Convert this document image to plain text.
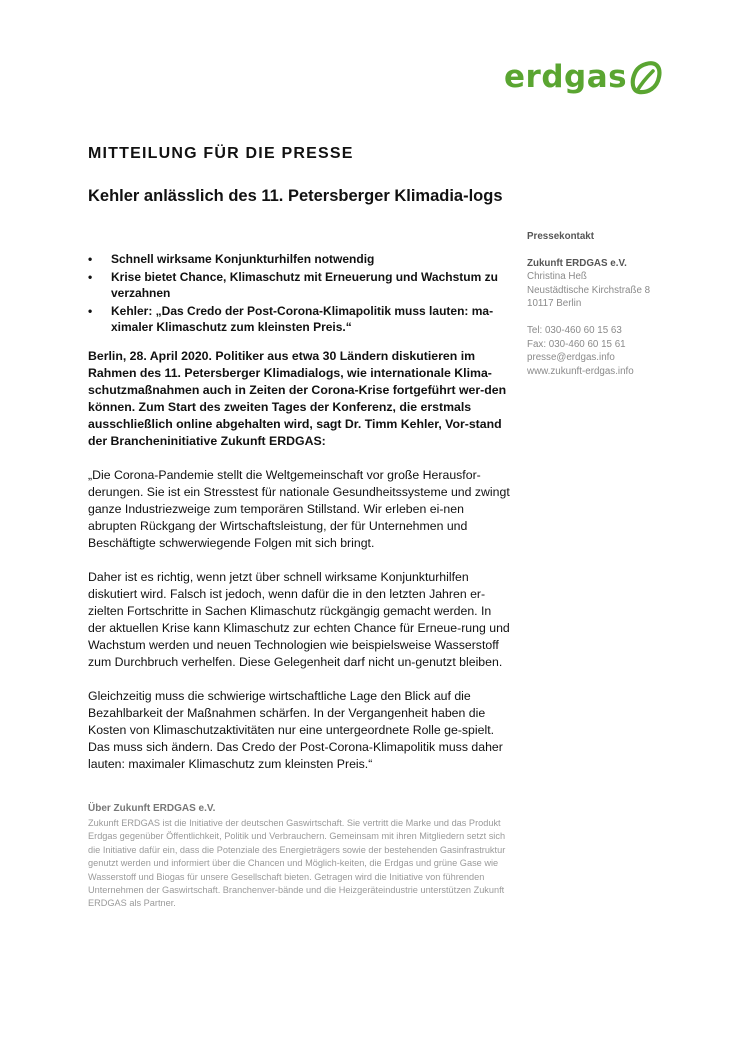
erdgas
MITTEILUNG FÜR DIE PRESSE
Kehler anlässlich des 11. Petersberger Klimadia-logs
• Schnell wirksame Konjunkturhilfen notwendig
• Krise bietet Chance, Klimaschutz mit Erneuerung und Wachstum zu verzahnen
• Kehler: „Das Credo der Post-Corona-Klimapolitik muss lauten: ma-ximaler Klimaschutz zum kleinsten Preis.“

Berlin, 28. April 2020. Politiker aus etwa 30 Ländern diskutieren im Rahmen des 11. Petersberger Klimadialogs, wie internationale Klima-schutzmaßnahmen auch in Zeiten der Corona-Krise fortgeführt wer-den können. Zum Start des zweiten Tages der Konferenz, die erstmals ausschließlich online abgehalten wird, sagt Dr. Timm Kehler, Vor-stand der Brancheninitiative Zukunft ERDGAS:

„Die Corona-Pandemie stellt die Weltgemeinschaft vor große Herausfor-derungen. Sie ist ein Stresstest für nationale Gesundheitssysteme und zwingt ganze Industriezweige zum temporären Stillstand. Wir erleben ei-nen abrupten Rückgang der Wirtschaftsleistung, der für Unternehmen und Beschäftigte schwerwiegende Folgen mit sich bringt.

Daher ist es richtig, wenn jetzt über schnell wirksame Konjunkturhilfen diskutiert wird. Falsch ist jedoch, wenn dafür die in den letzten Jahren er-zielten Fortschritte in Sachen Klimaschutz rückgängig gemacht werden. In der aktuellen Krise kann Klimaschutz zur echten Chance für Erneue-rung und Wachstum werden und neuen Technologien wie beispielsweise Wasserstoff zum Durchbruch verhelfen. Diese Gelegenheit darf nicht un-genutzt bleiben.

Gleichzeitig muss die schwierige wirtschaftliche Lage den Blick auf die Bezahlbarkeit der Maßnahmen schärfen. In der Vergangenheit haben die Kosten von Klimaschutzaktivitäten nur eine untergeordnete Rolle ge-spielt. Das muss sich ändern. Das Credo der Post-Corona-Klimapolitik muss daher lauten: maximaler Klimaschutz zum kleinsten Preis.“

Pressekontakt
Zukunft ERDGAS e.V.
Christina Heß
Neustädtische Kirchstraße 8
10117 Berlin
Tel: 030-460 60 15 63
Fax: 030-460 60 15 61
presse@erdgas.info
www.zukunft-erdgas.info
Über Zukunft ERDGAS e.V.
Zukunft ERDGAS ist die Initiative der deutschen Gaswirtschaft. Sie vertritt die Marke und das Produkt Erdgas gegenüber Öffentlichkeit, Politik und Verbrauchern. Gemeinsam mit ihren Mitgliedern setzt sich die Initiative dafür ein, dass die Potenziale des Energieträgers sowie der bestehenden Gasinfrastruktur genutzt werden und informiert über die Chancen und Möglich-keiten, die Erdgas und grüne Gase wie Wasserstoff und Biogas für unsere Gesellschaft bieten. Getragen wird die Initiative von führenden Unternehmen der Gaswirtschaft. Branchenver-bände und die Heizgeräteindustrie unterstützen Zukunft ERDGAS als Partner.
